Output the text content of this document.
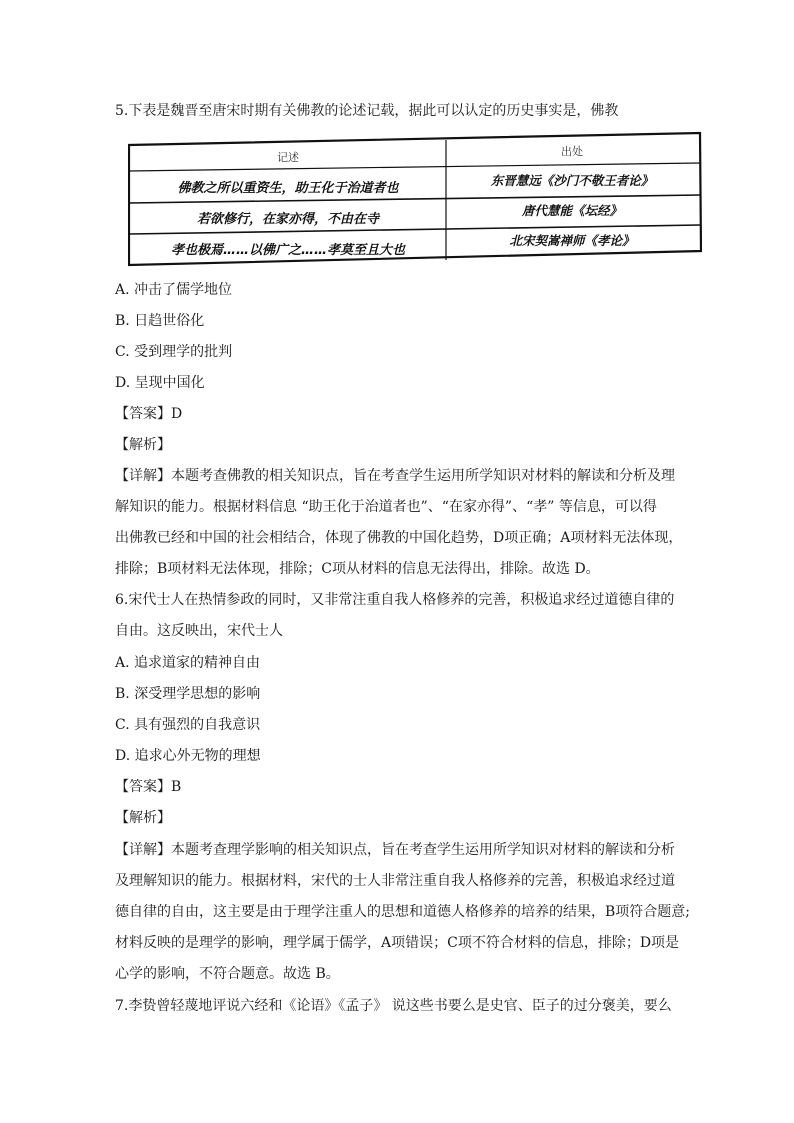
5.下表是魏晋至唐宋时期有关佛教的论述记载，据此可以认定的历史事实是，佛教
记述	出处
佛教之所以重资生，助王化于治道者也
东晋慧远《沙门不敬王者论》
若欲修行，在家亦得，不由在寺
唐代慧能《坛经》
孝也极焉……以佛广之……孝莫至且大也
北宋契嵩禅师《孝论》
A. 冲击了儒学地位
B. 日趋世俗化
C. 受到理学的批判
D. 呈现中国化
【答案】D
【解析】
【详解】本题考查佛教的相关知识点，旨在考查学生运用所学知识对材料的解读和分析及理
解知识的能力。根据材料信息 “助王化于治道者也”、“在家亦得”、“孝” 等信息，可以得
出佛教已经和中国的社会相结合，体现了佛教的中国化趋势，D项正确；A项材料无法体现，
排除；B项材料无法体现，排除；C项从材料的信息无法得出，排除。故选 D。
6.宋代士人在热情参政的同时，又非常注重自我人格修养的完善，积极追求经过道德自律的
自由。这反映出，宋代士人
A. 追求道家的精神自由
B. 深受理学思想的影响
C. 具有强烈的自我意识
D. 追求心外无物的理想
【答案】B
【解析】
【详解】本题考查理学影响的相关知识点，旨在考查学生运用所学知识对材料的解读和分析
及理解知识的能力。根据材料，宋代的士人非常注重自我人格修养的完善，积极追求经过道
德自律的自由，这主要是由于理学注重人的思想和道德人格修养的培养的结果，B项符合题意;
材料反映的是理学的影响，理学属于儒学，A项错误；C项不符合材料的信息，排除；D项是
心学的影响，不符合题意。故选 B。
7.李贽曾轻蔑地评说六经和《论语》《孟子》 说这些书要么是史官、臣子的过分褒美，要么
